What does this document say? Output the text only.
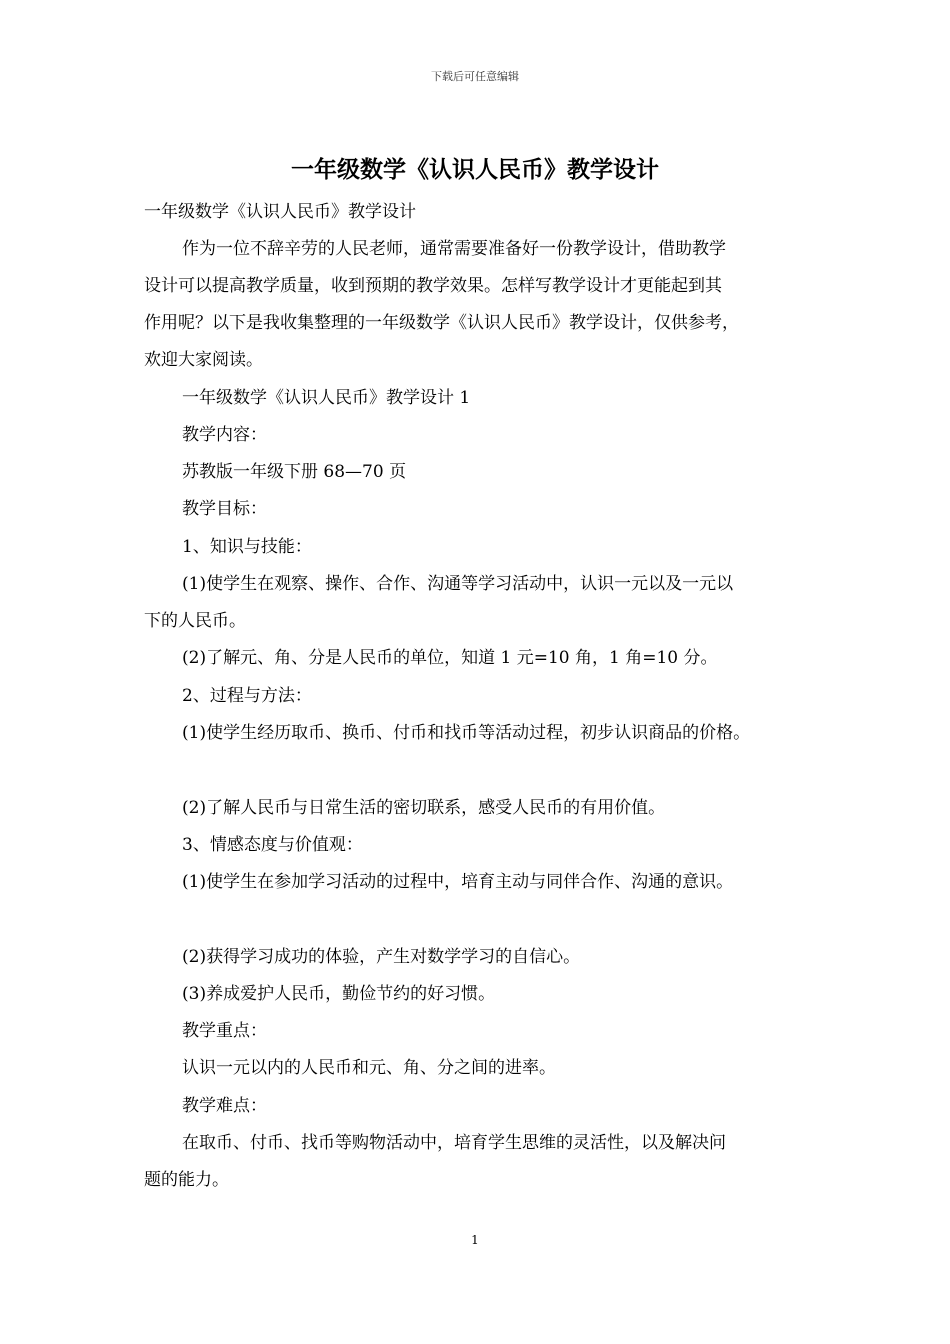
下载后可任意编辑
一年级数学《认识人民币》教学设计
一年级数学《认识人民币》教学设计
作为一位不辞辛劳的人民老师，通常需要准备好一份教学设计，借助教学
设计可以提高教学质量，收到预期的教学效果。怎样写教学设计才更能起到其
作用呢？以下是我收集整理的一年级数学《认识人民币》教学设计，仅供参考，
欢迎大家阅读。
一年级数学《认识人民币》教学设计 1
教学内容：
苏教版一年级下册 68—70 页
教学目标：
1、知识与技能：
(1)使学生在观察、操作、合作、沟通等学习活动中，认识一元以及一元以
下的人民币。
(2)了解元、角、分是人民币的单位，知道 1 元=10 角，1 角=10 分。
2、过程与方法：
(1)使学生经历取币、换币、付币和找币等活动过程，初步认识商品的价格。
(2)了解人民币与日常生活的密切联系，感受人民币的有用价值。
3、情感态度与价值观：
(1)使学生在参加学习活动的过程中，培育主动与同伴合作、沟通的意识。
(2)获得学习成功的体验，产生对数学学习的自信心。
(3)养成爱护人民币，勤俭节约的好习惯。
教学重点：
认识一元以内的人民币和元、角、分之间的进率。
教学难点：
在取币、付币、找币等购物活动中，培育学生思维的灵活性，以及解决问
题的能力。
1
